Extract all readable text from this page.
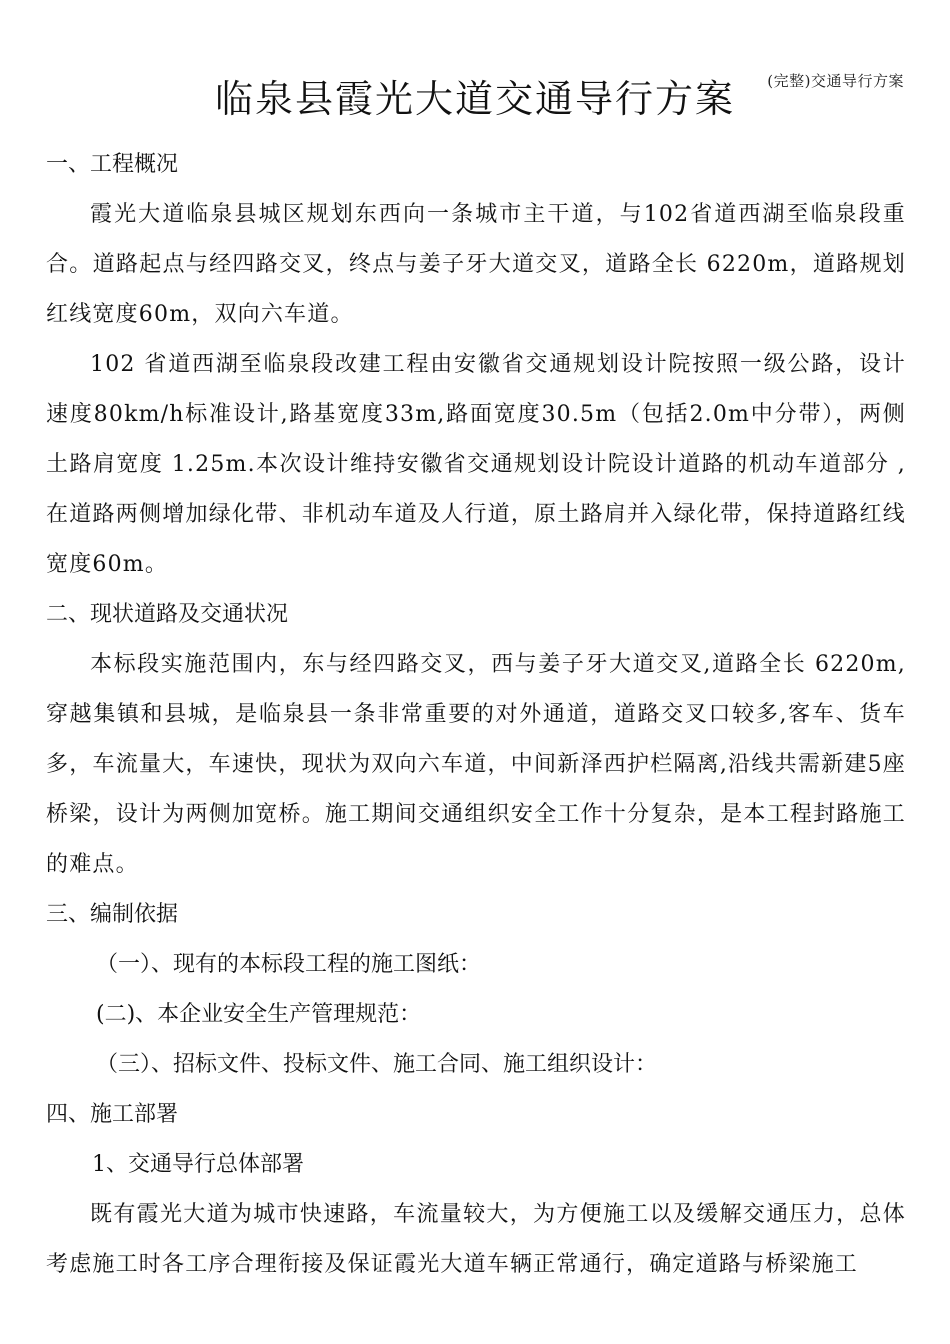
(完整)交通导行方案
临泉县霞光大道交通导行方案

一、工程概况

霞光大道临泉县城区规划东西向一条城市主干道，与102省道西湖至临泉段重合。道路起点与经四路交叉，终点与姜子牙大道交叉，道路全长 6220m，道路规划红线宽度60m，双向六车道。

102 省道西湖至临泉段改建工程由安徽省交通规划设计院按照一级公路，设计速度80km/h标准设计,路基宽度33m,路面宽度30.5m（包括2.0m中分带），两侧土路肩宽度 1.25m.本次设计维持安徽省交通规划设计院设计道路的机动车道部分 ,在道路两侧增加绿化带、非机动车道及人行道，原土路肩并入绿化带，保持道路红线宽度60m。

二、现状道路及交通状况

本标段实施范围内，东与经四路交叉，西与姜子牙大道交叉,道路全长 6220m,穿越集镇和县城，是临泉县一条非常重要的对外通道，道路交叉口较多,客车、货车多，车流量大，车速快，现状为双向六车道，中间新泽西护栏隔离,沿线共需新建5座桥梁，设计为两侧加宽桥。施工期间交通组织安全工作十分复杂，是本工程封路施工的难点。

三、编制依据

（一）、现有的本标段工程的施工图纸：

(二)、本企业安全生产管理规范：

（三）、招标文件、投标文件、施工合同、施工组织设计：

四、施工部署

1、交通导行总体部署

既有霞光大道为城市快速路，车流量较大，为方便施工以及缓解交通压力，总体考虑施工时各工序合理衔接及保证霞光大道车辆正常通行，确定道路与桥梁施工
